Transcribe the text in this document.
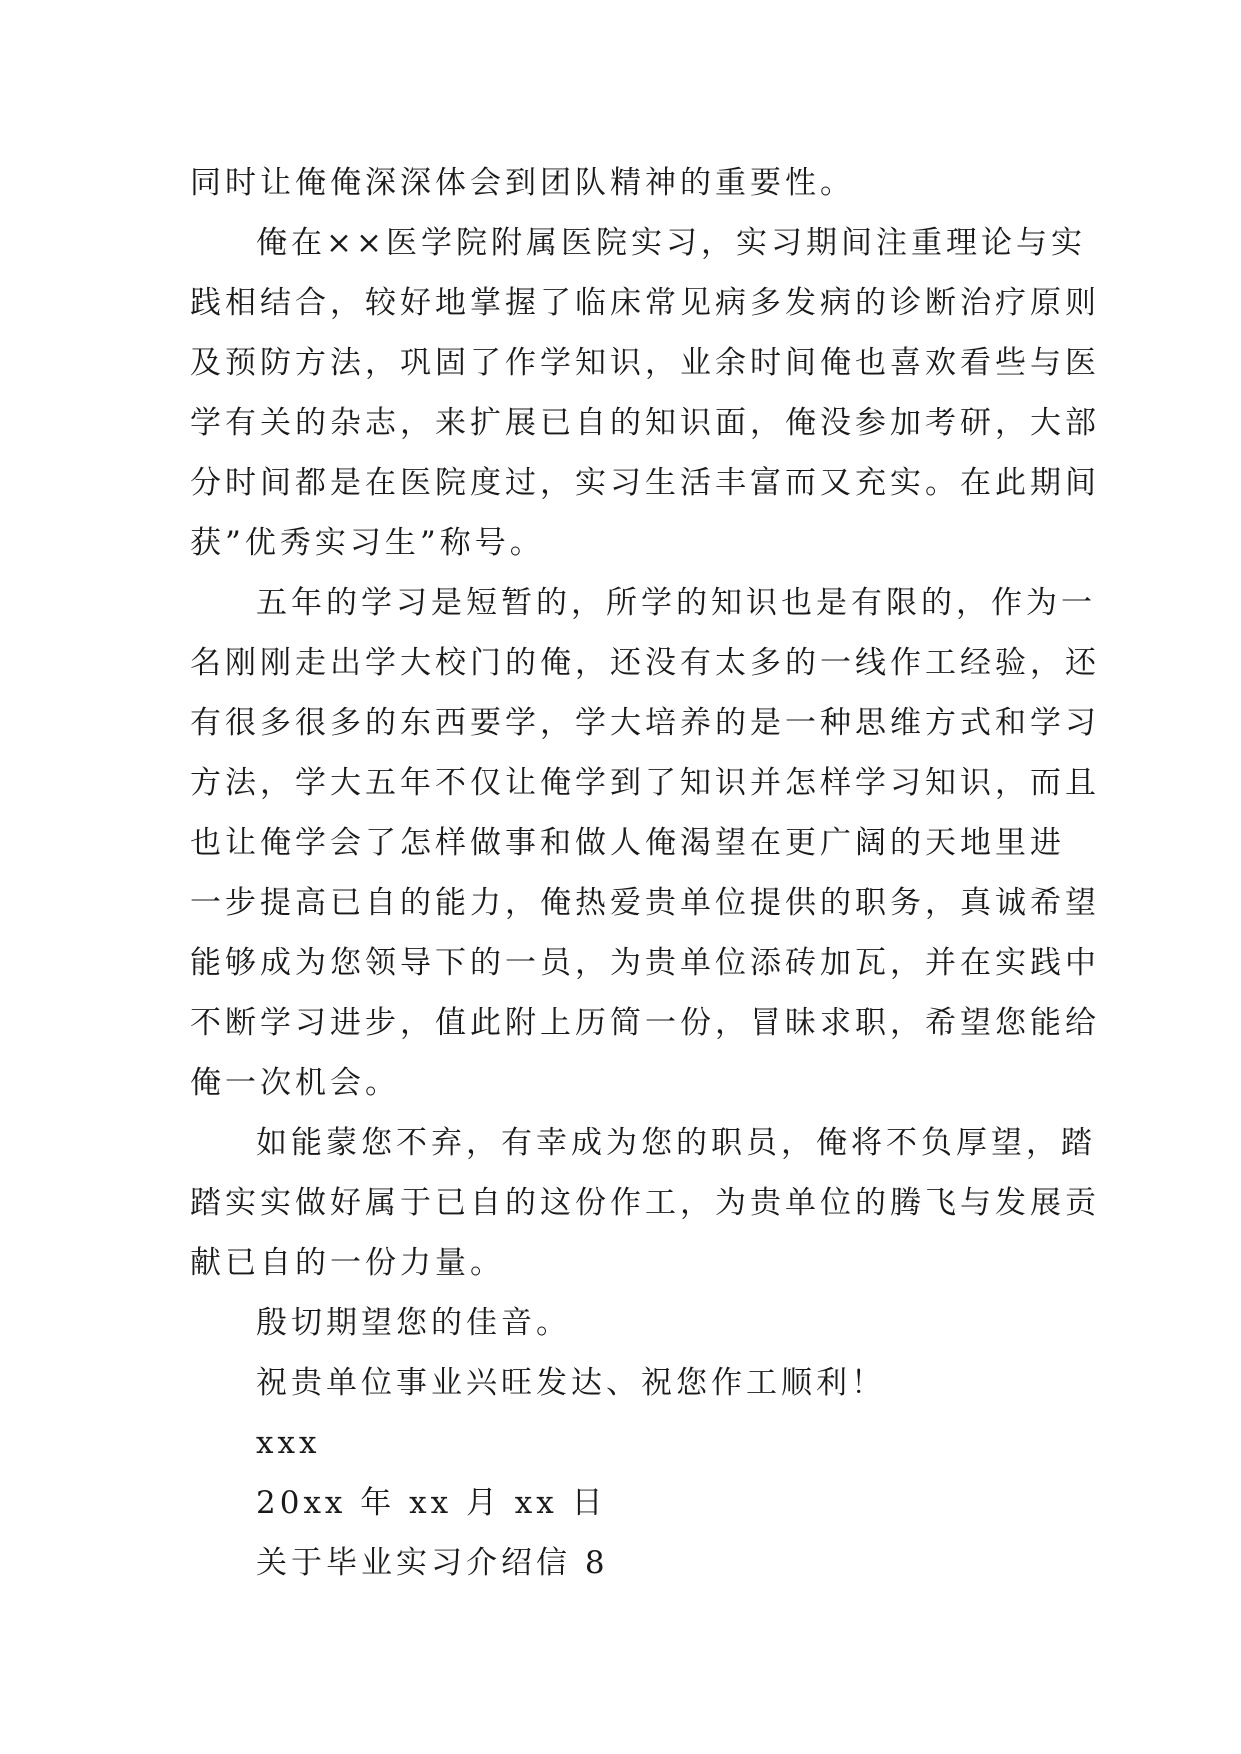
同时让俺俺深深体会到团队精神的重要性。
俺在××医学院附属医院实习，实习期间注重理论与实
践相结合，较好地掌握了临床常见病多发病的诊断治疗原则
及预防方法，巩固了作学知识，业余时间俺也喜欢看些与医
学有关的杂志，来扩展已自的知识面，俺没参加考研，大部
分时间都是在医院度过，实习生活丰富而又充实。在此期间
获”优秀实习生”称号。
五年的学习是短暂的，所学的知识也是有限的，作为一
名刚刚走出学大校门的俺，还没有太多的一线作工经验，还
有很多很多的东西要学，学大培养的是一种思维方式和学习
方法，学大五年不仅让俺学到了知识并怎样学习知识，而且
也让俺学会了怎样做事和做人俺渴望在更广阔的天地里进
一步提高已自的能力，俺热爱贵单位提供的职务，真诚希望
能够成为您领导下的一员，为贵单位添砖加瓦，并在实践中
不断学习进步，值此附上历简一份，冒昧求职，希望您能给
俺一次机会。
如能蒙您不弃，有幸成为您的职员，俺将不负厚望，踏
踏实实做好属于已自的这份作工，为贵单位的腾飞与发展贡
献已自的一份力量。
殷切期望您的佳音。
祝贵单位事业兴旺发达、祝您作工顺利！
xxx
20xx 年 xx 月 xx 日
关于毕业实习介绍信 8
